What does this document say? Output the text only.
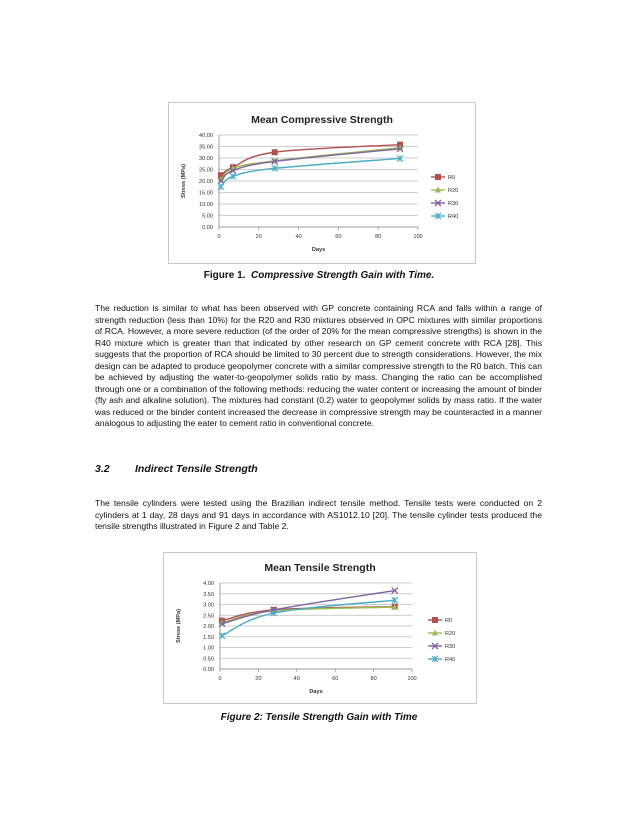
Mean Compressive Strength
0.00
5.00
10.00
15.00
20.00
25.00
30.00
35.00
40.00
0	20	40	60	80	100
Days
Stress (MPa)	R0
R20
R30
R40
Figure 1. Compressive Strength Gain with Time.

The reduction is similar to what has been observed with GP concrete containing RCA and falls within a range of strength reduction (less than 10%) for the R20 and R30 mixtures observed in OPC mixtures with similar proportions of RCA. However, a more severe reduction (of the order of 20% for the mean compressive strengths) is shown in the R40 mixture which is greater than that indicated by other research on GP cement concrete with RCA [28]. This suggests that the proportion of RCA should be limited to 30 percent due to strength considerations. However, the mix design can be adapted to produce geopolymer concrete with a similar compressive strength to the R0 batch. This can be achieved by adjusting the water-to-geopolymer solids ratio by mass. Changing the ratio can be accomplished through one or a combination of the following methods: reducing the water content or increasing the amount of binder (fly ash and alkaline solution). The mixtures had constant (0.2) water to geopolymer solids by mass ratio. If the water was reduced or the binder content increased the decrease in compressive strength may be counteracted in a manner analogous to adjusting the eater to cement ratio in conventional concrete.

3.2 Indirect Tensile Strength

The tensile cylinders were tested using the Brazilian indirect tensile method. Tensile tests were conducted on 2 cylinders at 1 day, 28 days and 91 days in accordance with AS1012.10 [20]. The tensile cylinder tests produced the tensile strengths illustrated in Figure 2 and Table 2.

Mean Tensile Strength
0.00
0.50
1.00
1.50
2.00
2.50
3.00
3.50
4.00
0	20	40	60	80	100
Days
Stress (MPa)	R0
R20
R30
R40
Figure 2: Tensile Strength Gain with Time
